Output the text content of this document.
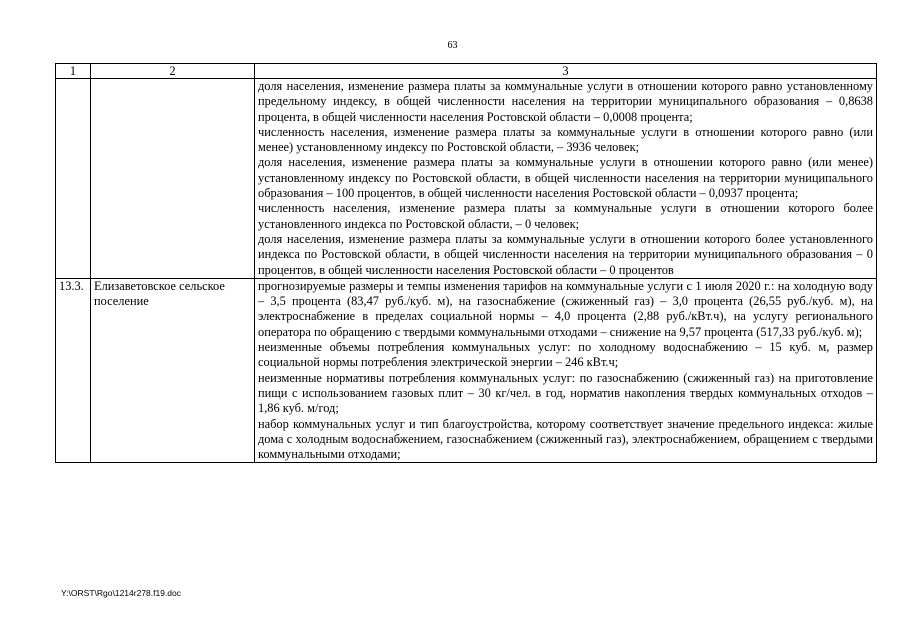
63
1	2	3

		доля населения, изменение размера платы за коммунальные услуги в отношении которого равно установленному предельному индексу, в общей численности населения на территории муниципального образования – 0,8638 процента, в общей численности населения Ростовской области – 0,0008 процента;

численность населения, изменение размера платы за коммунальные услуги в отношении которого равно (или менее) установленному индексу по Ростовской области, – 3936 человек;

доля населения, изменение размера платы за коммунальные услуги в отношении которого равно (или менее) установленному индексу по Ростовской области, в общей численности населения на территории муниципального образования – 100 процентов, в общей численности населения Ростовской области – 0,0937 процента;

численность населения, изменение размера платы за коммунальные услуги в отношении которого более установленного индекса по Ростовской области, – 0 человек;

доля населения, изменение размера платы за коммунальные услуги в отношении которого более установленного индекса по Ростовской области, в общей численности населения на территории муниципального образования – 0 процентов, в общей численности населения Ростовской области – 0 процентов

13.3.	Елизаветовское сельское поселение	прогнозируемые размеры и темпы изменения тарифов на коммунальные услуги с 1 июля 2020 г.: на холодную воду – 3,5 процента (83,47 руб./куб. м), на газоснабжение (сжиженный газ) – 3,0 процента (26,55 руб./куб. м), на электроснабжение в пределах социальной нормы – 4,0 процента (2,88 руб./кВт.ч), на услугу регионального оператора по обращению с твердыми коммунальными отходами – снижение на 9,57 процента (517,33 руб./куб. м);

неизменные объемы потребления коммунальных услуг: по холодному водоснабжению – 15 куб. м, размер социальной нормы потребления электрической энергии – 246 кВт.ч;

неизменные нормативы потребления коммунальных услуг: по газоснабжению (сжиженный газ) на приготовление пищи с использованием газовых плит – 30 кг/чел. в год, норматив накопления твердых коммунальных отходов – 1,86 куб. м/год;

набор коммунальных услуг и тип благоустройства, которому соответствует значение предельного индекса: жилые дома с холодным водоснабжением, газоснабжением (сжиженный газ), электроснабжением, обращением с твердыми коммунальными отходами;

Y:\ORST\Rgo\1214r278.f19.doc
